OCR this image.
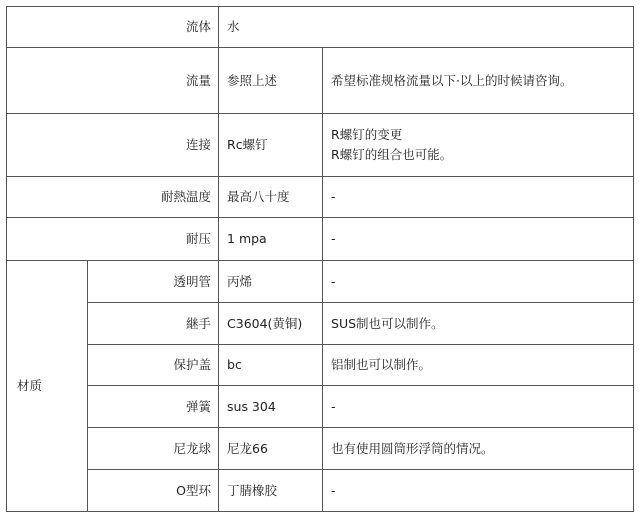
流体		水	
流量		参照上述	希望标准规格流量以下·以上的时候请咨询。
连接		Rc螺钉	R螺钉的变更
R螺钉的组合也可能。

耐熱温度		最高八十度	-
耐压		1 mpa	-
材质	透明管	丙烯	-
	継手	C3604(黄铜)	SUS制也可以制作。
	保护盖	bc	铝制也可以制作。
	弹簧	sus 304	-
	尼龙球	尼龙66	也有使用圆筒形浮筒的情况。
	O型环	丁腈橡胶	-
